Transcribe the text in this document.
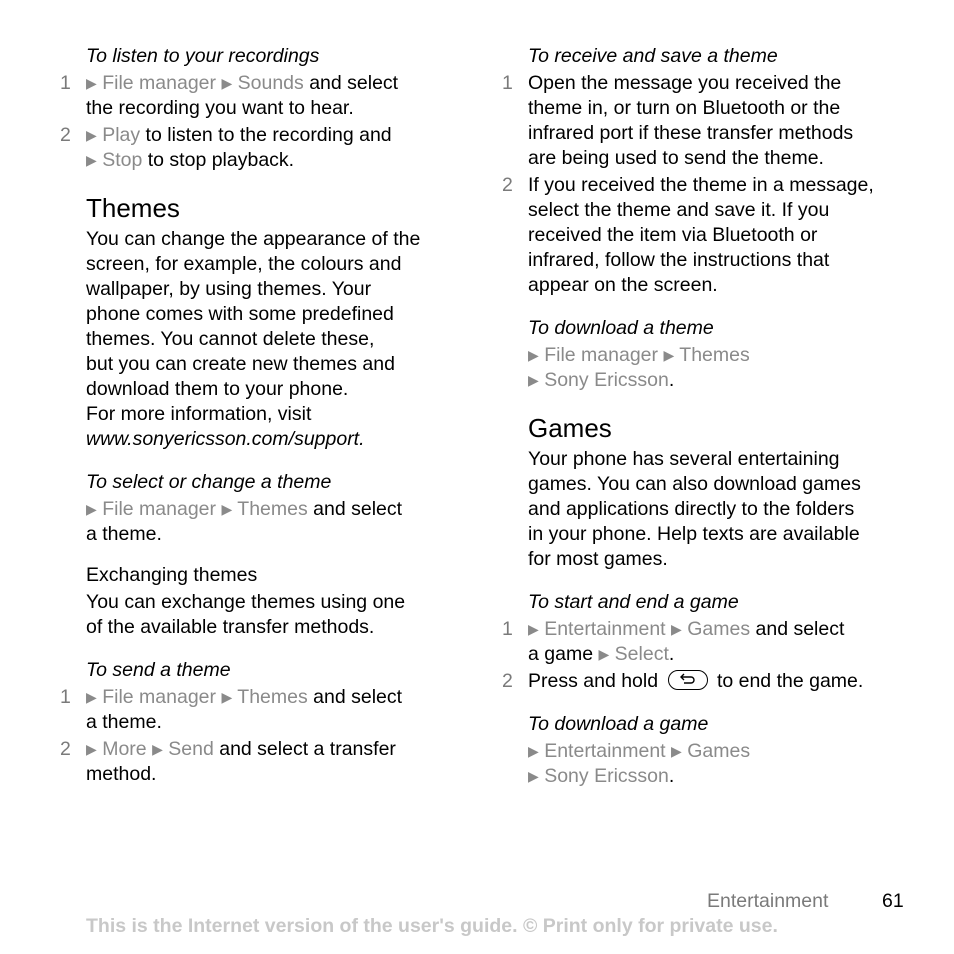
To listen to your recordings
1 ▶ File manager ▶ Sounds and select
the recording you want to hear.
2 ▶ Play to listen to the recording and
▶ Stop to stop playback.
Themes
You can change the appearance of the
screen, for example, the colours and
wallpaper, by using themes. Your
phone comes with some predefined
themes. You cannot delete these,
but you can create new themes and
download them to your phone.
For more information, visit
www.sonyericsson.com/support.
To select or change a theme
▶ File manager ▶ Themes and select
a theme.
Exchanging themes
You can exchange themes using one
of the available transfer methods.
To send a theme
1 ▶ File manager ▶ Themes and select
a theme.
2 ▶ More ▶ Send and select a transfer
method.
To receive and save a theme
1 Open the message you received the
theme in, or turn on Bluetooth or the
infrared port if these transfer methods
are being used to send the theme.
2 If you received the theme in a message,
select the theme and save it. If you
received the item via Bluetooth or
infrared, follow the instructions that
appear on the screen.
To download a theme
▶ File manager ▶ Themes
▶ Sony Ericsson.
Games
Your phone has several entertaining
games. You can also download games
and applications directly to the folders
in your phone. Help texts are available
for most games.
To start and end a game
1 ▶ Entertainment ▶ Games and select
a game ▶ Select.
2 Press and hold	to end the game.
To download a game
▶ Entertainment ▶ Games
▶ Sony Ericsson.
Entertainment	61
This is the Internet version of the user's guide. © Print only for private use.
